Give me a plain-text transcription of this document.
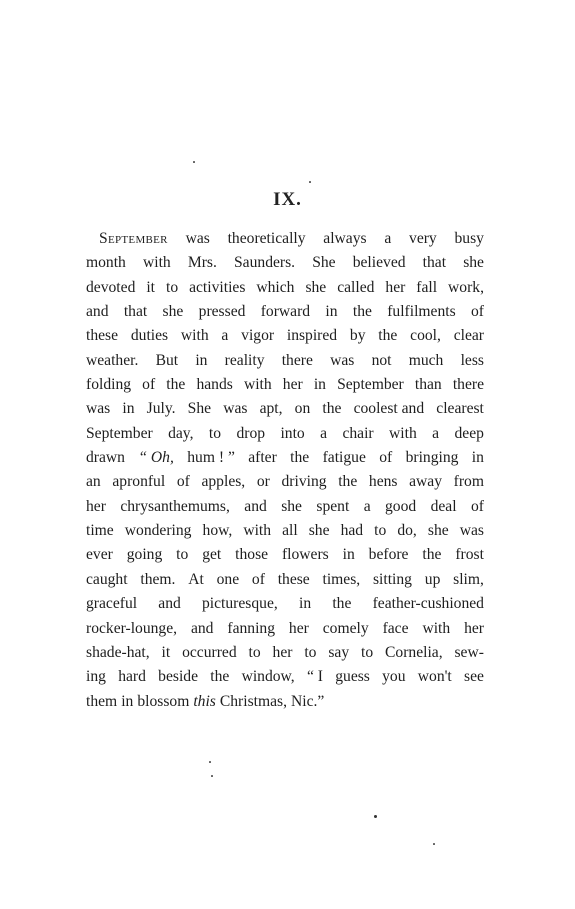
IX.
September was theoretically always a very busy
month with Mrs. Saunders. She believed that she
devoted it to activities which she called her fall work,
and that she pressed forward in the fulfilments of
these duties with a vigor inspired by the cool, clear
weather. But in reality there was not much less
folding of the hands with her in September than there
was in July. She was apt, on the coolest and clearest
September day, to drop into a chair with a deep
drawn “ Oh, hum ! ” after the fatigue of bringing in
an apronful of apples, or driving the hens away from
her chrysanthemums, and she spent a good deal of
time wondering how, with all she had to do, she was
ever going to get those flowers in before the frost
caught them. At one of these times, sitting up slim,
graceful and picturesque, in the feather-cushioned
rocker-lounge, and fanning her comely face with her
shade-hat, it occurred to her to say to Cornelia, sew-
ing hard beside the window, “ I guess you won't see
them in blossom this Christmas, Nic.”
